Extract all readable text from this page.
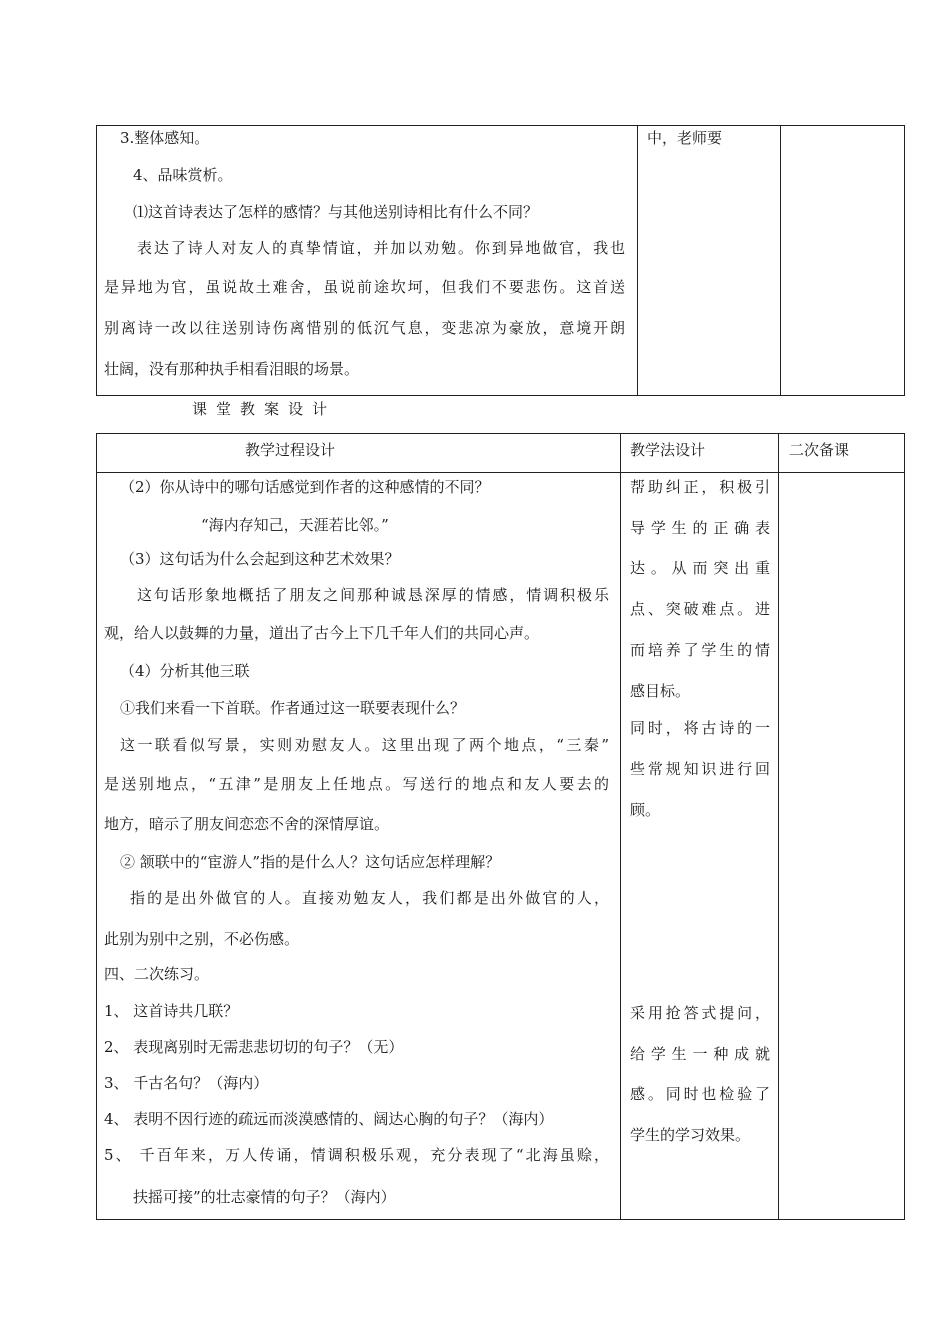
3.整体感知。
4、品味赏析。
⑴这首诗表达了怎样的感情？与其他送别诗相比有什么不同？
表达了诗人对友人的真挚情谊，并加以劝勉。你到异地做官，我也
是异地为官，虽说故土难舍，虽说前途坎坷，但我们不要悲伤。这首送
别离诗一改以往送别诗伤离惜别的低沉气息，变悲凉为豪放，意境开朗
壮阔，没有那种执手相看泪眼的场景。
中，老师要
课堂教案设计
教学过程设计	教学法设计	二次备课
（2）你从诗中的哪句话感觉到作者的这种感情的不同？
“海内存知己，天涯若比邻。”
（3）这句话为什么会起到这种艺术效果？
这句话形象地概括了朋友之间那种诚恳深厚的情感，情调积极乐
观，给人以鼓舞的力量，道出了古今上下几千年人们的共同心声。
（4）分析其他三联
①我们来看一下首联。作者通过这一联要表现什么？
这一联看似写景，实则劝慰友人。这里出现了两个地点，“三秦”
是送别地点，“五津”是朋友上任地点。写送行的地点和友人要去的
地方，暗示了朋友间恋恋不舍的深情厚谊。
② 颔联中的“宦游人”指的是什么人？这句话应怎样理解？
指的是出外做官的人。直接劝勉友人，我们都是出外做官的人，
此别为别中之别，不必伤感。
四、二次练习。
1、 这首诗共几联？
2、 表现离别时无需悲悲切切的句子？（无）
3、 千古名句？（海内）
4、 表明不因行迹的疏远而淡漠感情的、阔达心胸的句子？（海内）
5、 千百年来，万人传诵，情调积极乐观，充分表现了“北海虽赊，
扶摇可接”的壮志豪情的句子？（海内）
帮助纠正，积极引
导学生的正确表
达。从而突出重
点、突破难点。进
而培养了学生的情
感目标。
同时，将古诗的一
些常规知识进行回
顾。
采用抢答式提问，
给学生一种成就
感。同时也检验了
学生的学习效果。
